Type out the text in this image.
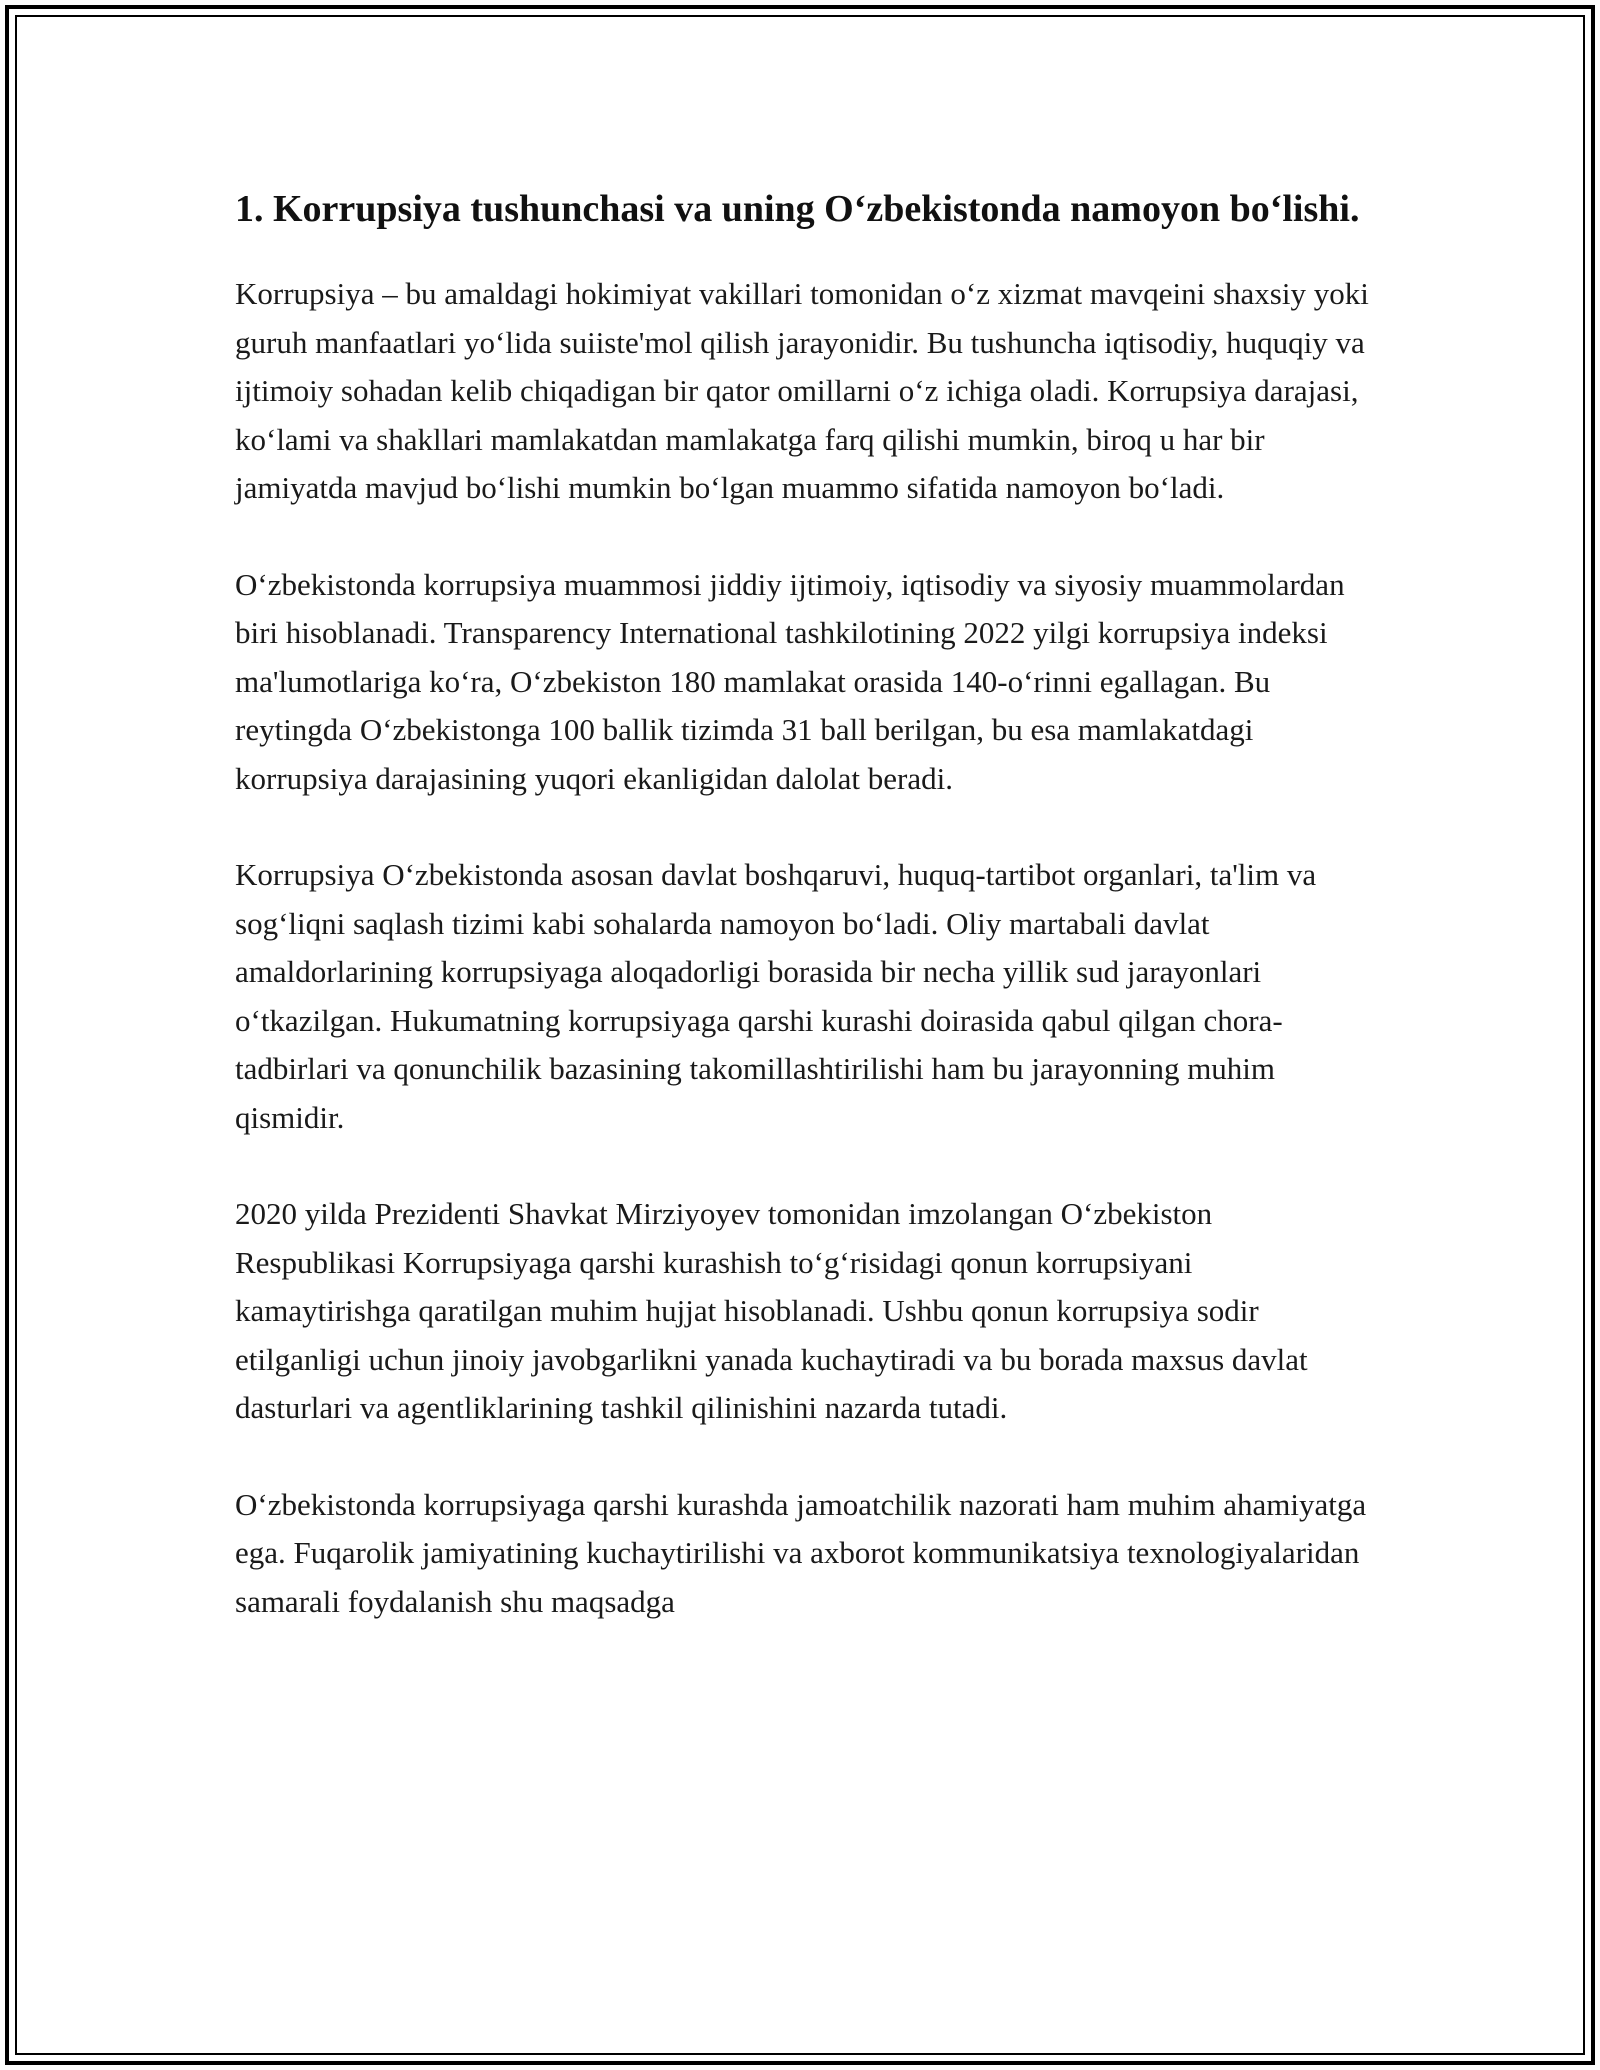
1. Korrupsiya tushunchasi va uning O‘zbekistonda namoyon bo‘lishi.

Korrupsiya – bu amaldagi hokimiyat vakillari tomonidan o‘z xizmat mavqeini shaxsiy yoki guruh manfaatlari yo‘lida suiiste'mol qilish jarayonidir. Bu tushuncha iqtisodiy, huquqiy va ijtimoiy sohadan kelib chiqadigan bir qator omillarni o‘z ichiga oladi. Korrupsiya darajasi, ko‘lami va shakllari mamlakatdan mamlakatga farq qilishi mumkin, biroq u har bir jamiyatda mavjud bo‘lishi mumkin bo‘lgan muammo sifatida namoyon bo‘ladi.

O‘zbekistonda korrupsiya muammosi jiddiy ijtimoiy, iqtisodiy va siyosiy muammolardan biri hisoblanadi. Transparency International tashkilotining 2022 yilgi korrupsiya indeksi ma'lumotlariga ko‘ra, O‘zbekiston 180 mamlakat orasida 140-o‘rinni egallagan. Bu reytingda O‘zbekistonga 100 ballik tizimda 31 ball berilgan, bu esa mamlakatdagi korrupsiya darajasining yuqori ekanligidan dalolat beradi.

Korrupsiya O‘zbekistonda asosan davlat boshqaruvi, huquq-tartibot organlari, ta'lim va sog‘liqni saqlash tizimi kabi sohalarda namoyon bo‘ladi. Oliy martabali davlat amaldorlarining korrupsiyaga aloqadorligi borasida bir necha yillik sud jarayonlari o‘tkazilgan. Hukumatning korrupsiyaga qarshi kurashi doirasida qabul qilgan chora-tadbirlari va qonunchilik bazasining takomillashtirilishi ham bu jarayonning muhim qismidir.

2020 yilda Prezidenti Shavkat Mirziyoyev tomonidan imzolangan O‘zbekiston Respublikasi Korrupsiyaga qarshi kurashish to‘g‘risidagi qonun korrupsiyani kamaytirishga qaratilgan muhim hujjat hisoblanadi. Ushbu qonun korrupsiya sodir etilganligi uchun jinoiy javobgarlikni yanada kuchaytiradi va bu borada maxsus davlat dasturlari va agentliklarining tashkil qilinishini nazarda tutadi.

O‘zbekistonda korrupsiyaga qarshi kurashda jamoatchilik nazorati ham muhim ahamiyatga ega. Fuqarolik jamiyatining kuchaytirilishi va axborot kommunikatsiya texnologiyalaridan samarali foydalanish shu maqsadga
